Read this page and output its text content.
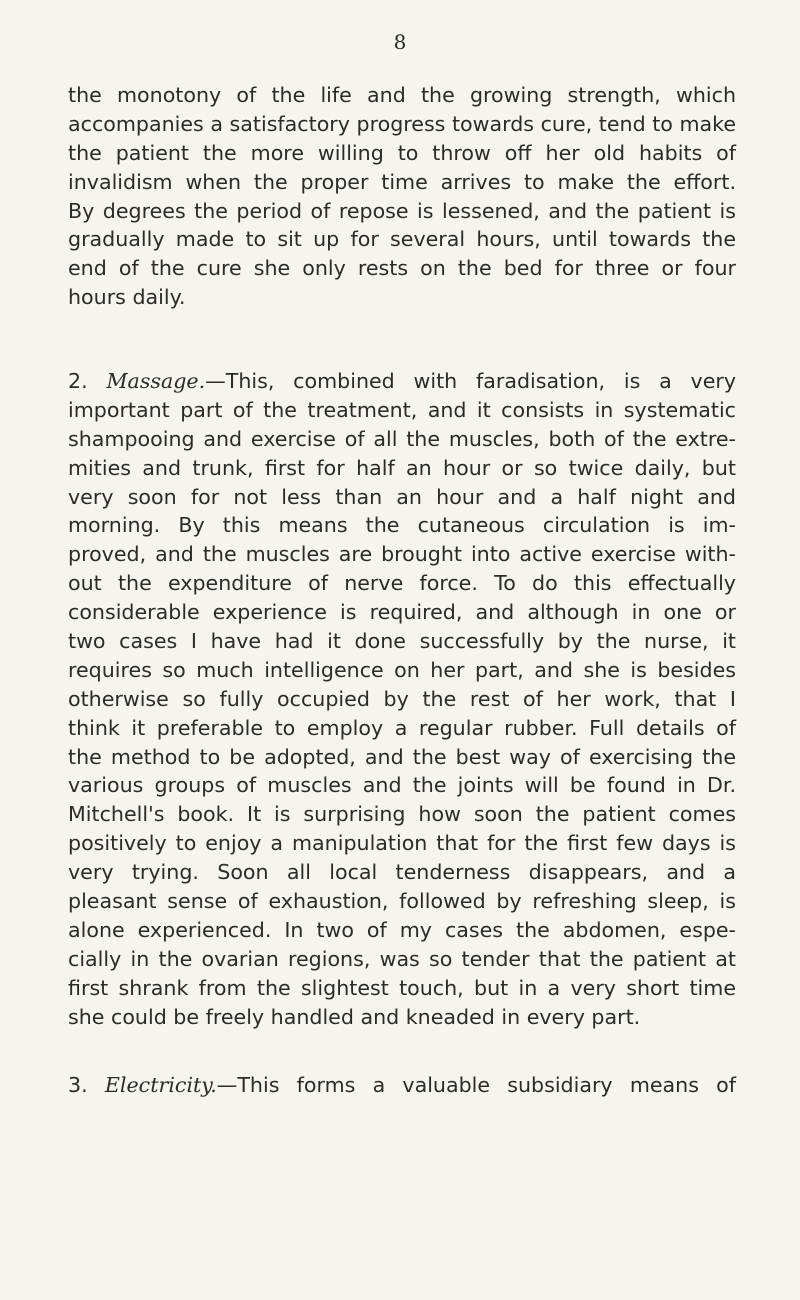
8
the monotony of the life and the growing strength, which
accompanies a satisfactory progress towards cure, tend to make
the patient the more willing to throw off her old habits of
invalidism when the proper time arrives to make the effort.
By degrees the period of repose is lessened, and the patient is
gradually made to sit up for several hours, until towards the
end of the cure she only rests on the bed for three or four
hours daily.
2. Massage.—This, combined with faradisation, is a very
important part of the treatment, and it consists in systematic
shampooing and exercise of all the muscles, both of the extre-
mities and trunk, first for half an hour or so twice daily, but
very soon for not less than an hour and a half night and
morning. By this means the cutaneous circulation is im-
proved, and the muscles are brought into active exercise with-
out the expenditure of nerve force. To do this effectually
considerable experience is required, and although in one or
two cases I have had it done successfully by the nurse, it
requires so much intelligence on her part, and she is besides
otherwise so fully occupied by the rest of her work, that I
think it preferable to employ a regular rubber. Full details of
the method to be adopted, and the best way of exercising the
various groups of muscles and the joints will be found in Dr.
Mitchell's book. It is surprising how soon the patient comes
positively to enjoy a manipulation that for the first few days is
very trying. Soon all local tenderness disappears, and a
pleasant sense of exhaustion, followed by refreshing sleep, is
alone experienced. In two of my cases the abdomen, espe-
cially in the ovarian regions, was so tender that the patient at
first shrank from the slightest touch, but in a very short time
she could be freely handled and kneaded in every part.
3. Electricity.—This forms a valuable subsidiary means of
